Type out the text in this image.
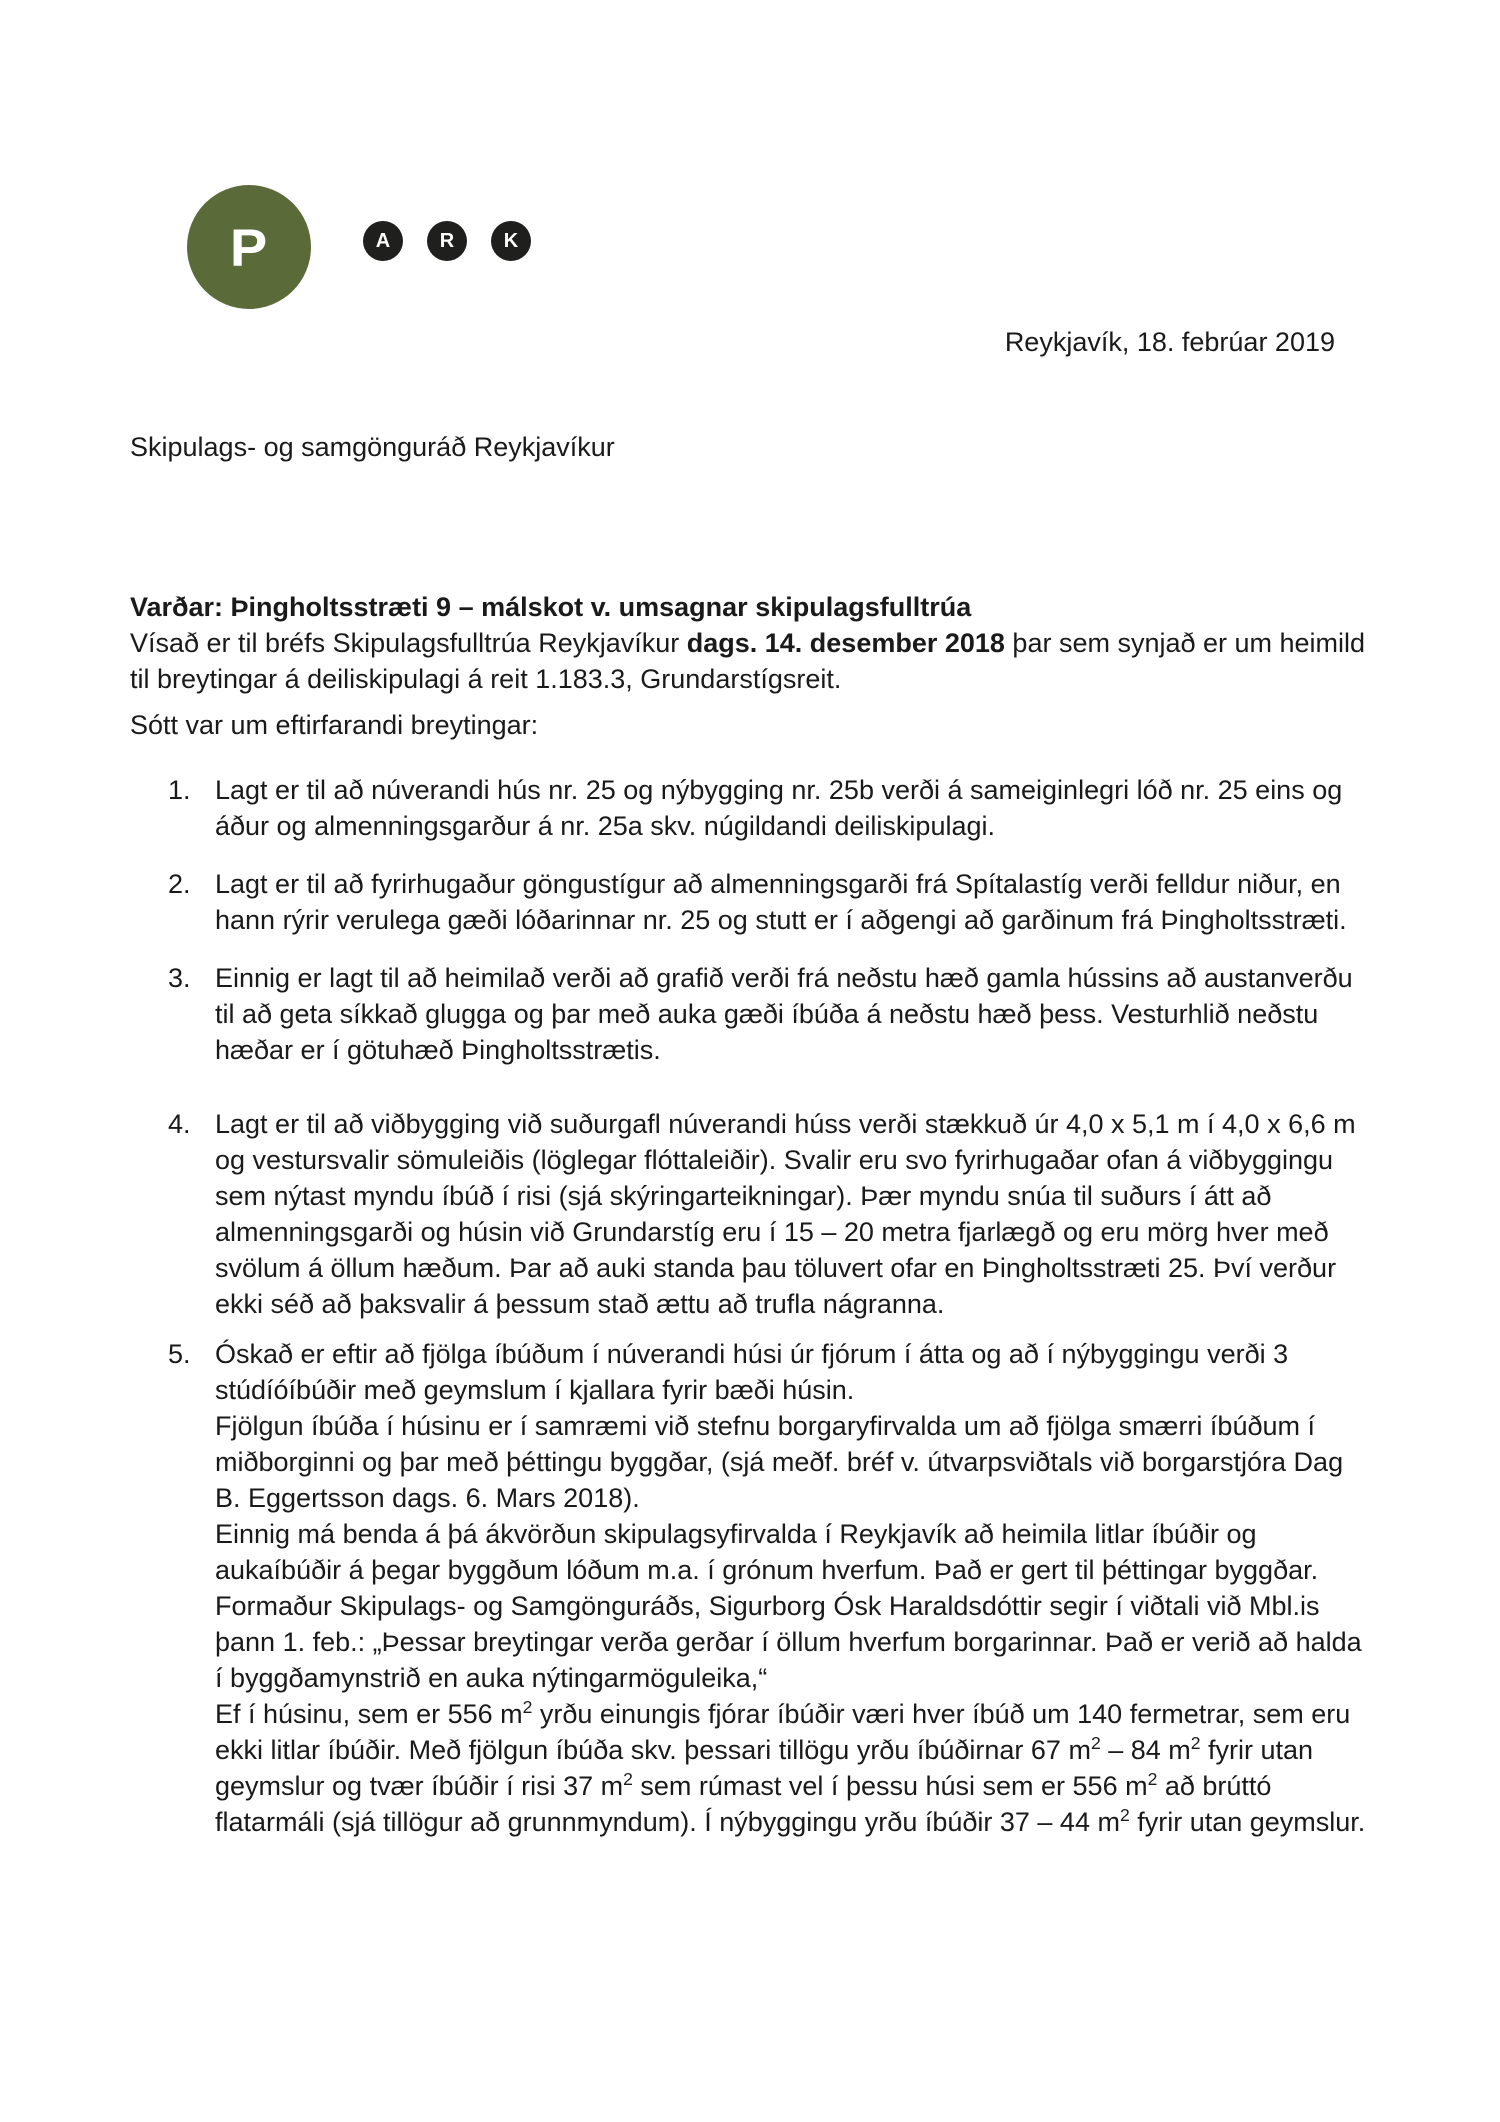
P	A R K
Reykjavík, 18. febrúar 2019
Skipulags- og samgönguráð Reykjavíkur
Varðar: Þingholtsstræti 9 – málskot v. umsagnar skipulagsfulltrúa

Vísað er til bréfs Skipulagsfulltrúa Reykjavíkur dags. 14. desember 2018 þar sem synjað er um heimild til breytingar á deiliskipulagi á reit 1.183.3, Grundarstígsreit.

Sótt var um eftirfarandi breytingar:
1. Lagt er til að núverandi hús nr. 25 og nýbygging nr. 25b verði á sameiginlegri lóð nr. 25 eins og áður og almenningsgarður á nr. 25a skv. núgildandi deiliskipulagi.

2. Lagt er til að fyrirhugaður göngustígur að almenningsgarði frá Spítalastíg verði felldur niður, en hann rýrir verulega gæði lóðarinnar nr. 25 og stutt er í aðgengi að garðinum frá Þingholtsstræti.

3. Einnig er lagt til að heimilað verði að grafið verði frá neðstu hæð gamla hússins að austanverðu til að geta síkkað glugga og þar með auka gæði íbúða á neðstu hæð þess. Vesturhlið neðstu hæðar er í götuhæð Þingholtsstrætis.

4. Lagt er til að viðbygging við suðurgafl núverandi húss verði stækkuð úr 4,0 x 5,1 m í 4,0 x 6,6 m og vestursvalir sömuleiðis (löglegar flóttaleiðir). Svalir eru svo fyrirhugaðar ofan á viðbyggingu sem nýtast myndu íbúð í risi (sjá skýringarteikningar). Þær myndu snúa til suðurs í átt að almenningsgarði og húsin við Grundarstíg eru í 15 – 20 metra fjarlægð og eru mörg hver með svölum á öllum hæðum. Þar að auki standa þau töluvert ofar en Þingholtsstræti 25. Því verður ekki séð að þaksvalir á þessum stað ættu að trufla nágranna.

5. Óskað er eftir að fjölga íbúðum í núverandi húsi úr fjórum í átta og að í nýbyggingu verði 3 stúdíóíbúðir með geymslum í kjallara fyrir bæði húsin.

Fjölgun íbúða í húsinu er í samræmi við stefnu borgaryfirvalda um að fjölga smærri íbúðum í miðborginni og þar með þéttingu byggðar, (sjá meðf. bréf v. útvarpsviðtals við borgarstjóra Dag B. Eggertsson dags. 6. Mars 2018).

Einnig má benda á þá ákvörðun skipulagsyfirvalda í Reykjavík að heimila litlar íbúðir og aukaíbúðir á þegar byggðum lóðum m.a. í grónum hverfum. Það er gert til þéttingar byggðar. Formaður Skipulags- og Samgönguráðs, Sigurborg Ósk Haraldsdóttir segir í viðtali við Mbl.is þann 1. feb.: „Þessar breytingar verða gerðar í öllum hverfum borgarinnar. Það er verið að halda í byggðamynstrið en auka nýtingarmöguleika,“

Ef í húsinu, sem er 556 $m^2$ yrðu einungis fjórar íbúðir væri hver íbúð um 140 fermetrar, sem eru ekki litlar íbúðir. Með fjölgun íbúða skv. þessari tillögu yrðu íbúðirnar 67 $m^2 - 84$ $m^2$ fyrir utan geymslur og tvær íbúðir í risi 37 $m^2$ sem rúmast vel í þessu húsi sem er 556 $m^2$ að brúttó flatarmáli (sjá tillögur að grunnmyndum). Í nýbyggingu yrðu íbúðir 37 – 44 $m^2$ fyrir utan geymslur.
